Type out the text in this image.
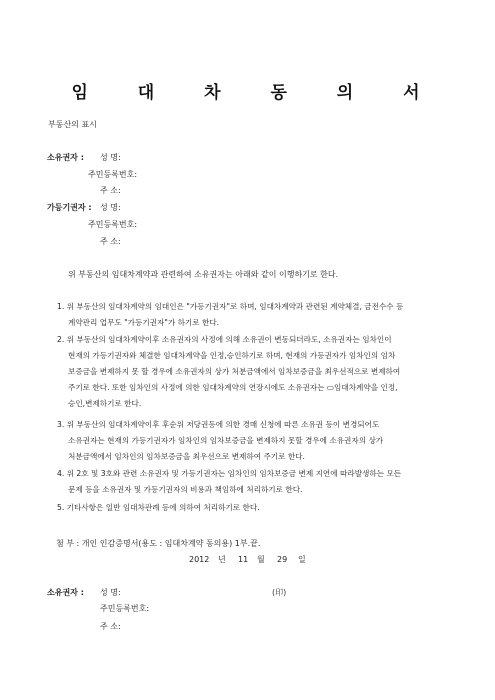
임 대 차 동 의 서
부동산의 표시
소유권자 : 성 명:
주민등록번호:
주 소:
가등기권자 : 성 명:
주민등록번호:
주 소:
위 부동산의 임대차계약과 관련하여 소유권자는 아래와 같이 이행하기로 한다.
1. 위 부동산의 임대차계약의 임대인은 "가등기권자"로 하며, 임대차계약과 관련된 계약체결, 금전수수 등
계약관리 업무도 "가등기권자"가 하기로 한다.
2. 위 부동산의 임대차계약이후 소유권자의 사정에 의해 소유권이 변동되더라도, 소유권자는 임차인이
현재의 가등기권자와 체결한 임대차계약을 인정,승인하기로 하며, 현재의 가등권자가 임차인의 임차
보증금을 변제하지 못 할 경우에 소유권자의 상가 처분금액에서 임차보증금을 최우선적으로 변제하여
주기로 한다. 또한 임차인의 사정에 의한 임대차계약의 연장시에도 소유권자는 ▭임대차계약을 인정,
승인,변제하기로 한다.
3. 위 부동산의 임대차계약이후 후순위 저당권등에 의한 경매 신청에 따른 소유권 등이 변경되어도
소유권자는 현재의 가등기권자가 임차인의 임차보증금을 변제하지 못할 경우에 소유권자의 상가
처분금액에서 임차인의 임차보증금을 최우선으로 변제하여 주기로 한다.
4. 위 2호 및 3호와 관련 소유권자 및 가등기권자는 임차인의 임차보증금 변제 지연에 따라발생하는 모든
문제 등을 소유권자 및 가등기권자의 비용과 책임하에 처리하기로 한다.
5. 기타사항은 일반 임대차관례 등에 의하여 처리하기로 한다.
첨 부 : 개인 인감증명서(용도 : 임대차계약 동의용) 1부.끝.
2012 년 11 월 29 일
소유권자 : 성 명:	(印)
주민등록번호:
주 소:
